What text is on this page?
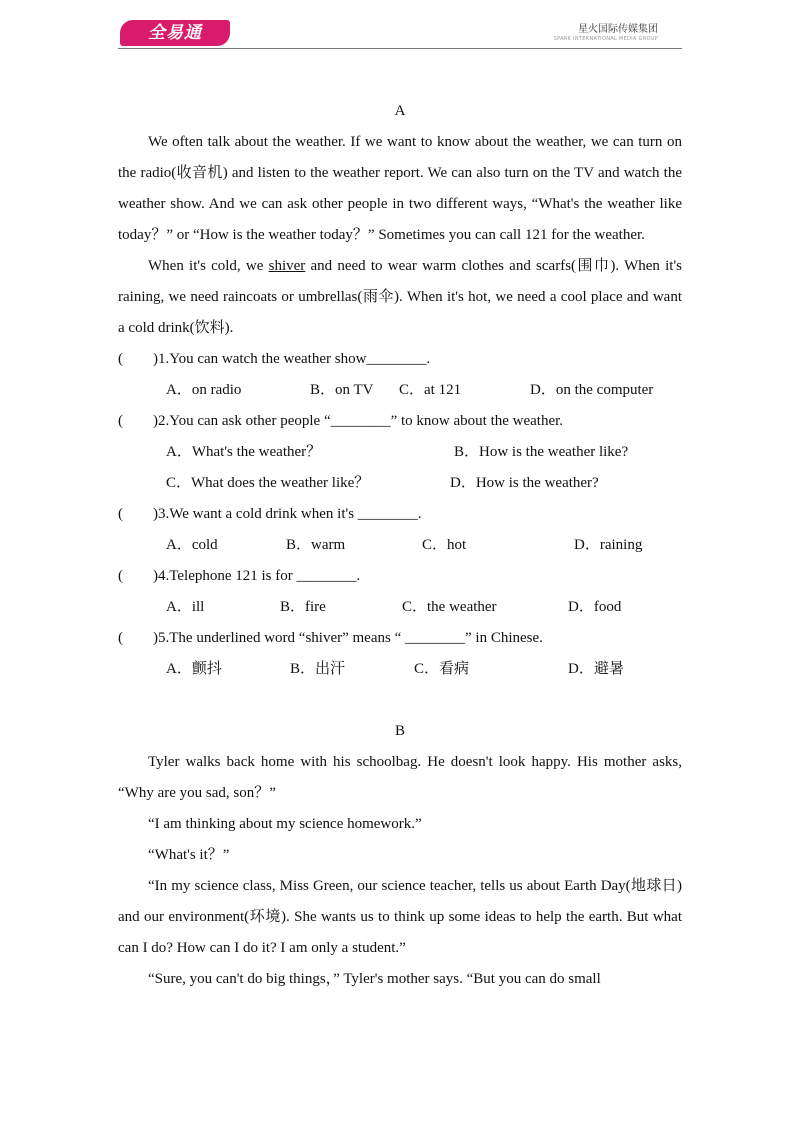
全易通	星火国际传媒集团
SPARK INTERNATIONAL MEDIA GROUP
A

We often talk about the weather. If we want to know about the weather, we can turn on the radio(收音机) and listen to the weather report. We can also turn on the TV and watch the weather show. And we can ask other people in two different ways, “What's the weather like today？” or “How is the weather today？” Sometimes you can call 121 for the weather.

When it's cold, we shiver and need to wear warm clothes and scarfs(围巾). When it's raining, we need raincoats or umbrellas(雨伞). When it's hot, we need a cool place and want a cold drink(饮料).

(　　) 1.You can watch the weather show________.
A．on radio	B．on TV C．at 121	D．on the computer
(　　) 2.You can ask other people “________” to know about the weather.
A．What's the weather？	B．How is the weather like?
C．What does the weather like？	D．How is the weather?
(　　) 3.We want a cold drink when it's ________.
A．cold	B．warm	C．hot	D．raining
(　　) 4.Telephone 121 is for ________.
A．ill	B．fire	C．the weather	D．food
(　　) 5.The underlined word “shiver” means “ ________” in Chinese.
A．颤抖	B．出汗	C．看病	D．避暑
B

Tyler walks back home with his schoolbag. He doesn't look happy. His mother asks, “Why are you sad, son？”

“I am thinking about my science homework.”

“What's it？”

“In my science class, Miss Green, our science teacher, tells us about Earth Day(地球日) and our environment(环境). She wants us to think up some ideas to help the earth. But what can I do? How can I do it? I am only a student.”

“Sure, you can't do big things，” Tyler's mother says. “But you can do small
